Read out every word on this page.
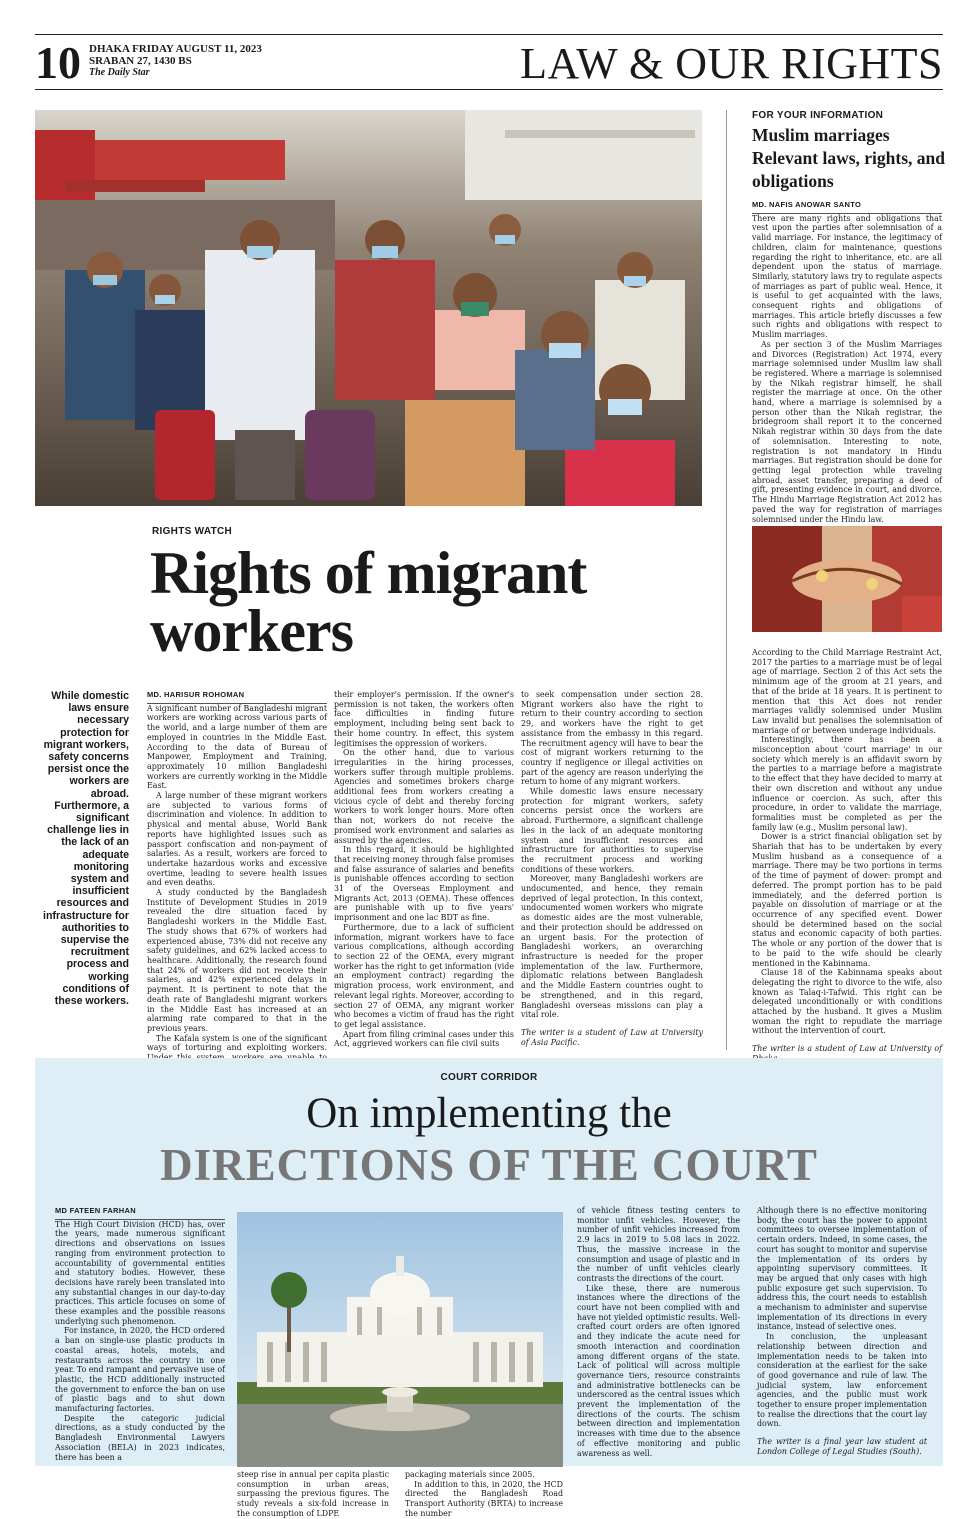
10 DHAKA FRIDAY AUGUST 11, 2023
SRABAN 27, 1430 BS
The Daily Star	LAW & OUR RIGHTS
RIGHTS WATCH
Rights of migrant workers
While domestic laws ensure necessary protection for migrant workers, safety concerns persist once the workers are abroad. Furthermore, a significant challenge lies in the lack of an adequate monitoring system and insufficient resources and infrastructure for authorities to supervise the recruitment process and working conditions of these workers.
MD. HARISUR ROHOMAN

A significant number of Bangladeshi migrant workers are working across various parts of the world, and a large number of them are employed in countries in the Middle East. According to the data of Bureau of Manpower, Employment and Training, approximately 10 million Bangladeshi workers are currently working in the Middle East.

A large number of these migrant workers are subjected to various forms of discrimination and violence. In addition to physical and mental abuse, World Bank reports have highlighted issues such as passport confiscation and non-payment of salaries. As a result, workers are forced to undertake hazardous works and excessive overtime, leading to severe health issues and even deaths.

A study conducted by the Bangladesh Institute of Development Studies in 2019 revealed the dire situation faced by Bangladeshi workers in the Middle East. The study shows that 67% of workers had experienced abuse, 73% did not receive any safety guidelines, and 62% lacked access to healthcare. Additionally, the research found that 24% of workers did not receive their salaries, and 42% experienced delays in payment. It is pertinent to note that the death rate of Bangladeshi migrant workers in the Middle East has increased at an alarming rate compared to that in the previous years.

The Kafala system is one of the significant ways of torturing and exploiting workers.

their employer's permission. If the owner's permission is not taken, the workers often face difficulties in finding future employment, including being sent back to their home country. In effect, this system legitimises the oppression of workers.

On the other hand, due to various irregularities in the hiring processes, workers suffer through multiple problems. Agencies and sometimes brokers charge additional fees from workers creating a vicious cycle of debt and thereby forcing workers to work longer hours. More often than not, workers do not receive the promised work environment and salaries as assured by the agencies.

In this regard, it should be highlighted that receiving money through false promises and false assurance of salaries and benefits is punishable offences according to section 31 of the Overseas Employment and Migrants Act, 2013 (OEMA). These offences are punishable with up to five years' imprisonment and one lac BDT as fine.

Furthermore, due to a lack of sufficient information, migrant workers have to face various complications, although according to section 22 of the OEMA, every migrant worker has the right to get information (vide an employment contract) regarding the migration process, work environment, and relevant legal rights. Moreover, according to section 27 of OEMA, any migrant worker who becomes a victim of fraud has the right to get legal assistance.

Apart from filing criminal cases under this Act, aggrieved workers can file civil suits

to seek compensation under section 28. Migrant workers also have the right to return to their country according to section 29, and workers have the right to get assistance from the embassy in this regard. The recruitment agency will have to bear the cost of migrant workers returning to the country if negligence or illegal activities on part of the agency are reason underlying the return to home of any migrant workers.

While domestic laws ensure necessary protection for migrant workers, safety concerns persist once the workers are abroad. Furthermore, a significant challenge lies in the lack of an adequate monitoring system and insufficient resources and infrastructure for authorities to supervise the recruitment process and working conditions of these workers.

Moreover, many Bangladeshi workers are undocumented, and hence, they remain deprived of legal protection. In this context, undocumented women workers who migrate as domestic aides are the most vulnerable, and their protection should be addressed on an urgent basis. For the protection of Bangladeshi workers, an overarching infrastructure is needed for the proper implementation of the law. Furthermore, diplomatic relations between Bangladesh and the Middle Eastern countries ought to be strengthened, and in this regard, Bangladeshi overseas missions can play a vital role.

The writer is a student of Law at University of Asia Pacific.

FOR YOUR INFORMATION
Muslim marriages
Relevant laws, rights, and obligations
MD. NAFIS ANOWAR SANTO

There are many rights and obligations that vest upon the parties after solemnisation of a valid marriage. For instance, the legitimacy of children, claim for maintenance, questions regarding the right to inheritance, etc. are all dependent upon the status of marriage. Similarly, statutory laws try to regulate aspects of marriages as part of public weal. Hence, it is useful to get acquainted with the laws, consequent rights and obligations of marriages. This article briefly discusses a few such rights and obligations with respect to Muslim marriages.

As per section 3 of the Muslim Marriages and Divorces (Registration) Act 1974, every marriage solemnised under Muslim law shall be registered. Where a marriage is solemnised by the Nikah registrar himself, he shall register the marriage at once. On the other hand, where a marriage is solemnised by a person other than the Nikah registrar, the bridegroom shall report it to the concerned Nikah registrar within 30 days from the date of solemnisation. Interesting to note, registration is not mandatory in Hindu marriages. But registration should be done for getting legal protection while traveling abroad, asset transfer, preparing a deed of gift, presenting evidence in court, and divorce. The Hindu Marriage Registration Act 2012 has paved the way for registration of marriages solemnised under the Hindu law.

According to the Child Marriage Restraint Act, 2017 the parties to a marriage must be of legal age of marriage. Section 2 of this Act sets the minimum age of the groom at 21 years, and that of the bride at 18 years. It is pertinent to mention that this Act does not render marriages validly solemnised under Muslim Law invalid but penalises the solemnisation of marriage of or between underage individuals.

Interestingly, there has been a misconception about 'court marriage' in our society which merely is an affidavit sworn by the parties to a marriage before a magistrate to the effect that they have decided to marry at their own discretion and without any undue influence or coercion. As such, after this procedure, in order to validate the marriage, formalities must be completed as per the family law (e.g., Muslim personal law).

Dower is a strict financial obligation set by Shariah that has to be undertaken by every Muslim husband as a consequence of a marriage. There may be two portions in terms of the time of payment of dower: prompt and deferred. The prompt portion has to be paid immediately, and the deferred portion is payable on dissolution of marriage or at the occurrence of any specified event. Dower should be determined based on the social status and economic capacity of both parties. The whole or any portion of the dower that is to be paid to the wife should be clearly mentioned in the Kabinnama.

Clause 18 of the Kabinnama speaks about delegating the right to divorce to the wife, also known as Talaq-i-Tafwid. This right can be delegated unconditionally or with conditions attached by the husband. It gives a Muslim woman the right to repudiate the marriage without the intervention of court.

The writer is a student of Law at University of

COURT CORRIDOR
On implementing the
DIRECTIONS OF THE COURT
MD FATEEN FARHAN

The High Court Division (HCD) has, over the years, made numerous significant directions and observations on issues ranging from environment protection to accountability of governmental entities and statutory bodies. However, these decisions have rarely been translated into any substantial changes in our day-to-day practices. This article focuses on some of these examples and the possible reasons underlying such phenomenon.

For instance, in 2020, the HCD ordered a ban on single-use plastic products in coastal areas, hotels, motels, and restaurants across the country in one year. To end rampant and pervasive use of plastic, the HCD additionally instructed the government to enforce the ban on use of plastic bags and to shut down manufacturing factories.

Despite the categoric judicial directions, as a study conducted by the Bangladesh Environmental Lawyers Association (BELA) in 2023 indicates, there has been a

steep rise in annual per capita plastic consumption in urban areas, surpassing the previous figures. The study reveals a six-fold increase in the consumption of LDPE

packaging materials since 2005.

In addition to this, in 2020, the HCD directed the Bangladesh Road Transport Authority (BRTA) to increase the number

of vehicle fitness testing centers to monitor unfit vehicles. However, the number of unfit vehicles increased from 2.9 lacs in 2019 to 5.08 lacs in 2022. Thus, the massive increase in the consumption and usage of plastic and in the number of unfit vehicles clearly contrasts the directions of the court.

Like these, there are numerous instances where the directions of the court have not been complied with and have not yielded optimistic results. Well-crafted court orders are often ignored and they indicate the acute need for smooth interaction and coordination among different organs of the state. Lack of political will across multiple governance tiers, resource constraints and administrative bottlenecks can be underscored as the central issues which prevent the implementation of the directions of the courts. The schism between direction and implementation increases with time due to the absence of effective monitoring and public awareness as well.

Although there is no effective monitoring body, the court has the power to appoint committees to oversee implementation of certain orders. Indeed, in some cases, the court has sought to monitor and supervise the implementation of its orders by appointing supervisory committees. It may be argued that only cases with high public exposure get such supervision. To address this, the court needs to establish a mechanism to administer and supervise implementation of its directions in every instance, instead of selective ones.

In conclusion, the unpleasant relationship between direction and implementation needs to be taken into consideration at the earliest for the sake of good governance and rule of law. The judicial system, law enforcement agencies, and the public must work together to ensure proper implementation to realise the directions that the court lay down.

The writer is a final year law student at London College of Legal Studies (South).
